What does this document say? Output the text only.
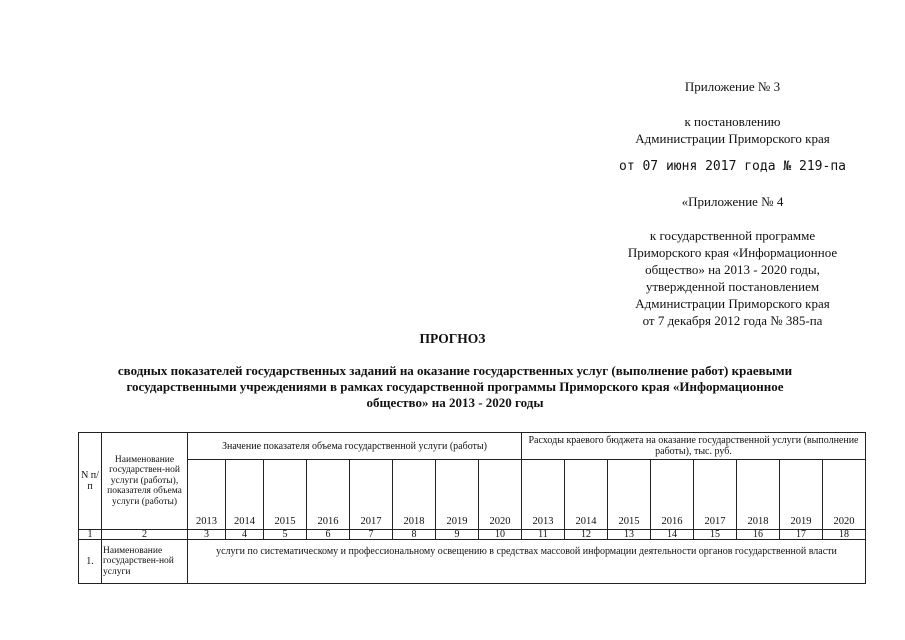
Приложение № 3
к постановлению
Администрации Приморского края
от 07 июня 2017 года № 219-па
«Приложение № 4
к государственной программе
Приморского края «Информационное
общество» на 2013 - 2020 годы,
утвержденной постановлением
Администрации Приморского края
от 7 декабря 2012 года № 385-па
ПРОГНОЗ
сводных показателей государственных заданий на оказание государственных услуг (выполнение работ) краевыми
государственными учреждениями в рамках государственной программы Приморского края «Информационное
общество» на 2013 - 2020 годы
N п/п	Наименование государствен-ной услуги (работы), показателя объема услуги (работы)	Значение показателя объема государственной услуги (работы)								Расходы краевого бюджета на оказание государственной услуги (выполнение работы), тыс. руб.							
		2013	2014	2015	2016	2017	2018	2019	2020	2013	2014	2015	2016	2017	2018	2019	2020
1	2	3	4	5	6	7	8	9	10	11	12	13	14	15	16	17	18
1.	Наименование государствен-ной услуги	услуги по систематическому и профессиональному освещению в средствах массовой информации деятельности органов государственной власти															
